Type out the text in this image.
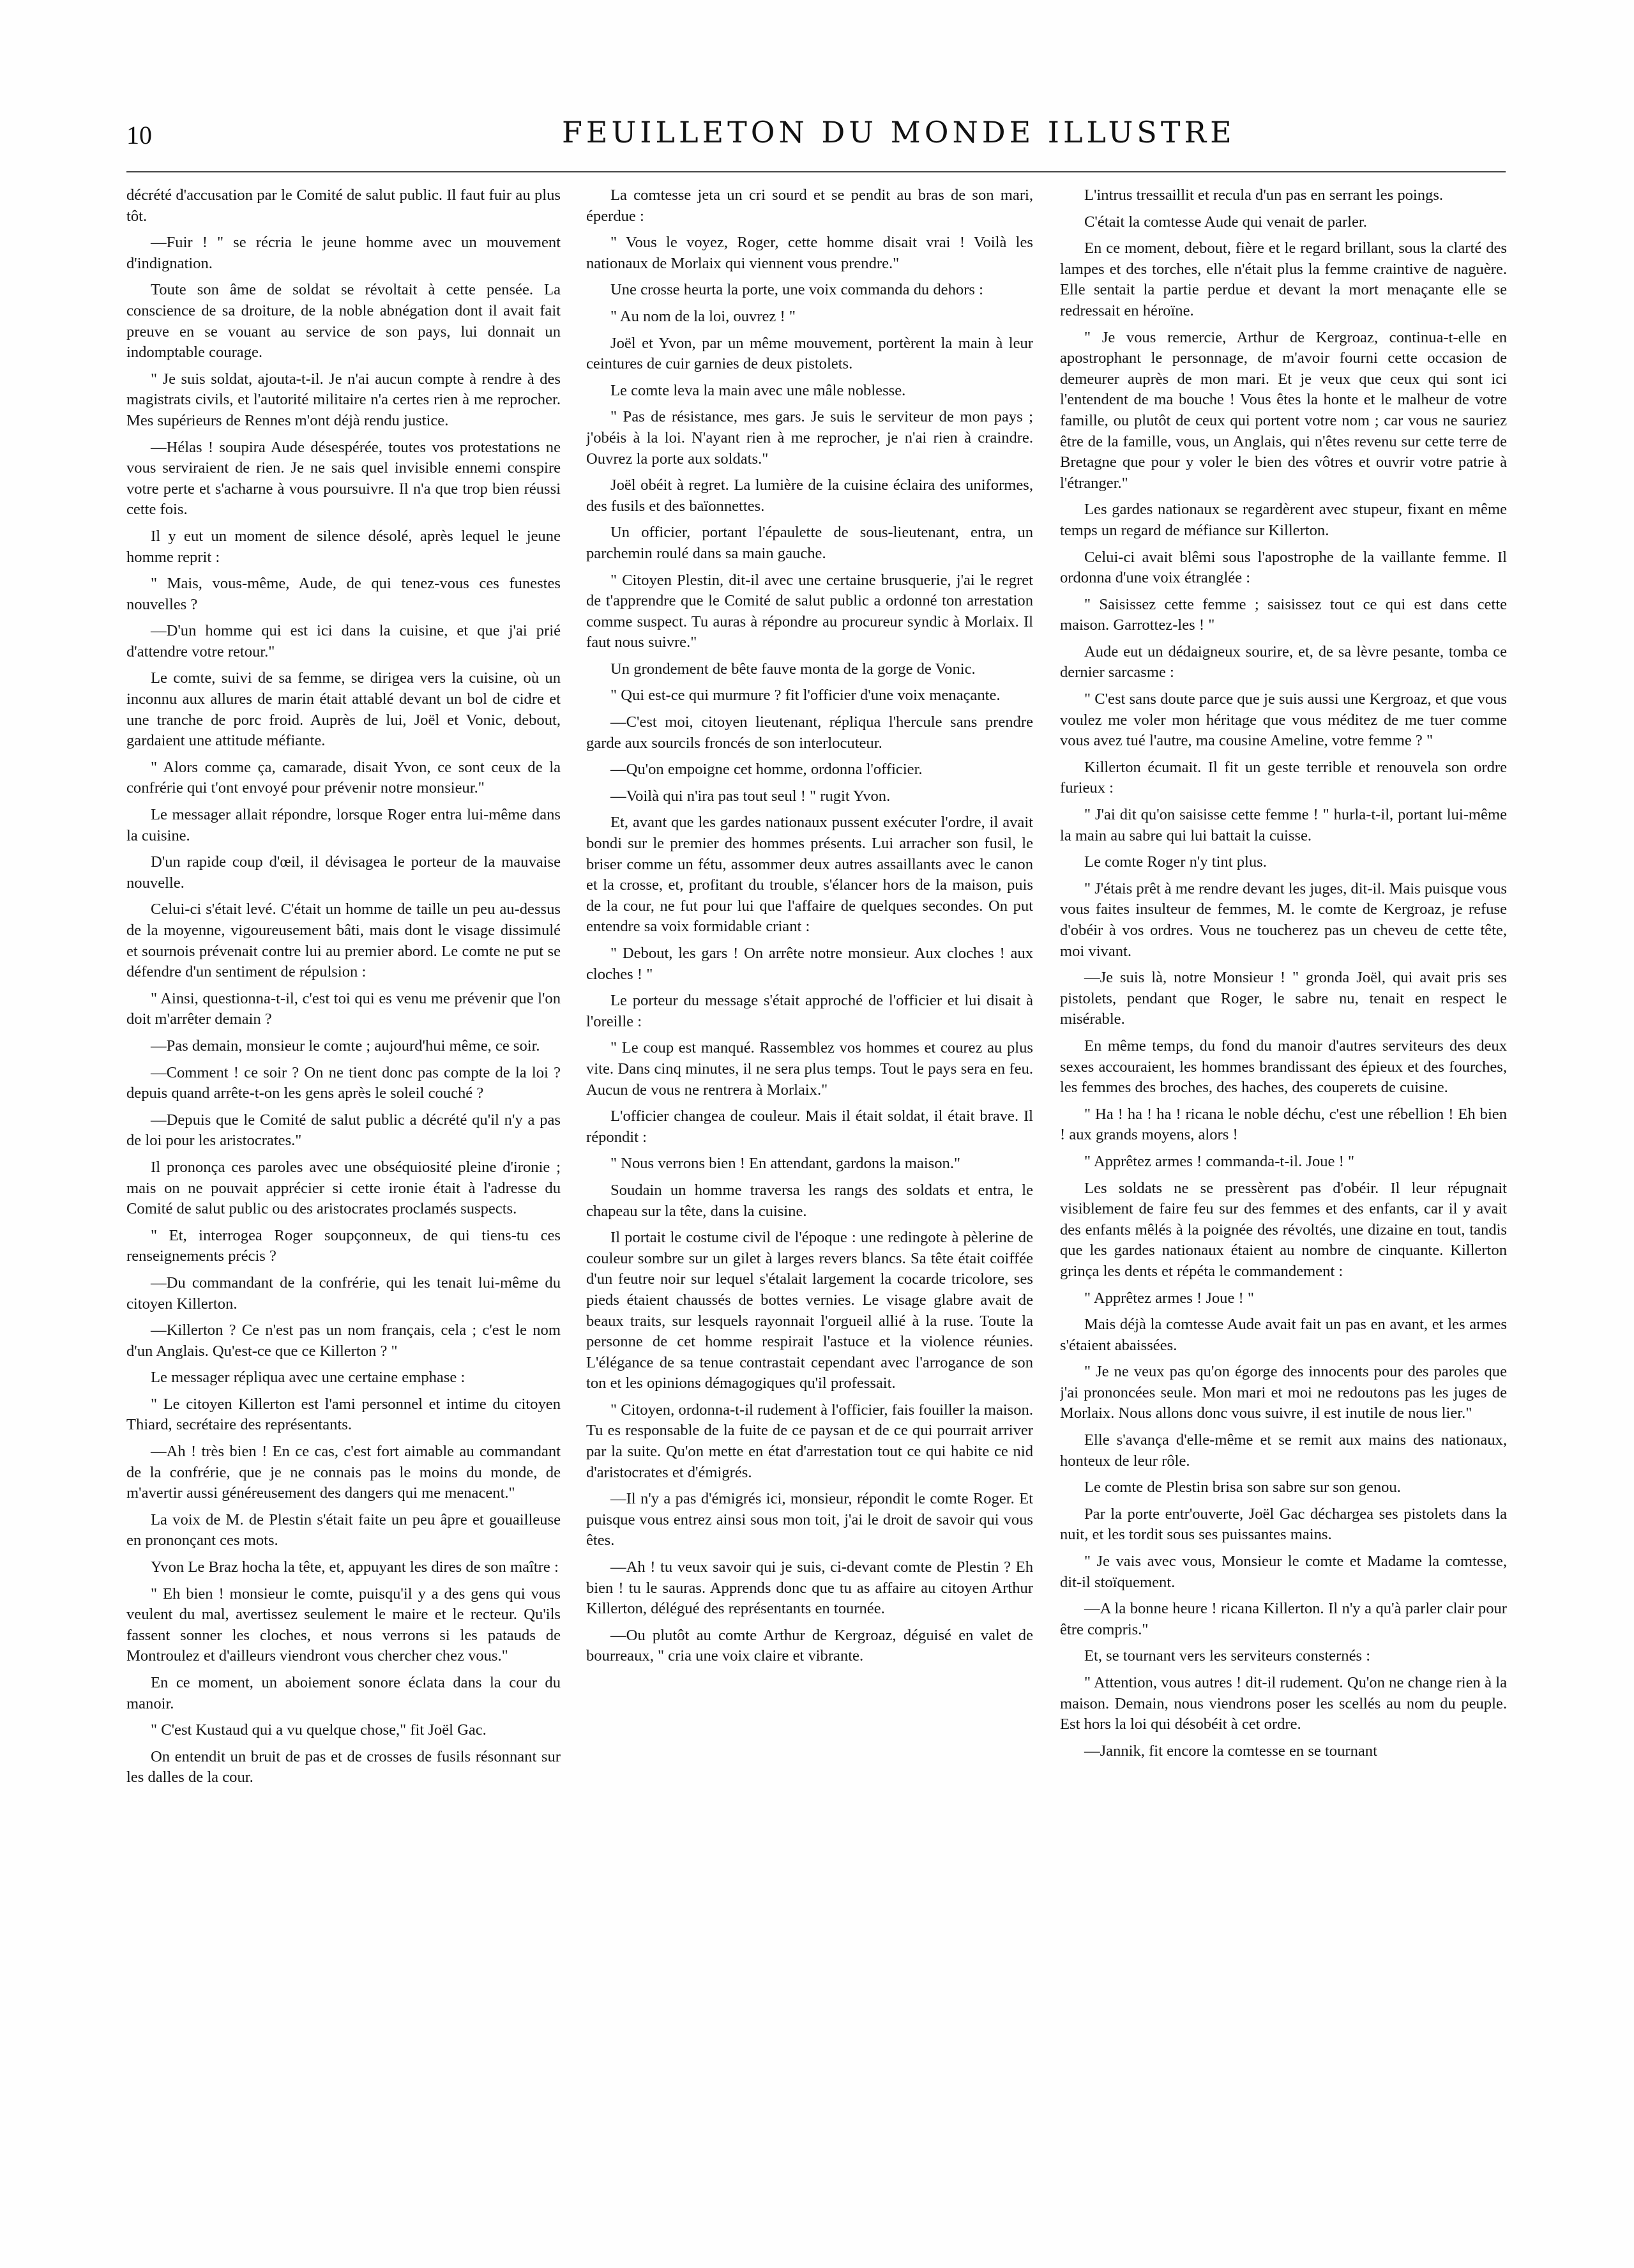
10	FEUILLETON DU MONDE ILLUSTRE

décrété d'accusation par le Comité de salut public. Il faut fuir au plus tôt.

—Fuir ! " se récria le jeune homme avec un mouvement d'indignation.

Toute son âme de soldat se révoltait à cette pensée. La conscience de sa droiture, de la noble abnégation dont il avait fait preuve en se vouant au service de son pays, lui donnait un indomptable courage.

" Je suis soldat, ajouta-t-il. Je n'ai aucun compte à rendre à des magistrats civils, et l'autorité militaire n'a certes rien à me reprocher. Mes supérieurs de Rennes m'ont déjà rendu justice.

—Hélas ! soupira Aude désespérée, toutes vos protestations ne vous serviraient de rien. Je ne sais quel invisible ennemi conspire votre perte et s'acharne à vous poursuivre. Il n'a que trop bien réussi cette fois.

Il y eut un moment de silence désolé, après lequel le jeune homme reprit :

" Mais, vous-même, Aude, de qui tenez-vous ces funestes nouvelles ?

—D'un homme qui est ici dans la cuisine, et que j'ai prié d'attendre votre retour."

Le comte, suivi de sa femme, se dirigea vers la cuisine, où un inconnu aux allures de marin était attablé devant un bol de cidre et une tranche de porc froid. Auprès de lui, Joël et Vonic, debout, gardaient une attitude méfiante.

" Alors comme ça, camarade, disait Yvon, ce sont ceux de la confrérie qui t'ont envoyé pour prévenir notre monsieur."

Le messager allait répondre, lorsque Roger entra lui-même dans la cuisine.

D'un rapide coup d'œil, il dévisagea le porteur de la mauvaise nouvelle.

Celui-ci s'était levé. C'était un homme de taille un peu au-dessus de la moyenne, vigoureusement bâti, mais dont le visage dissimulé et sournois prévenait contre lui au premier abord. Le comte ne put se défendre d'un sentiment de répulsion :

" Ainsi, questionna-t-il, c'est toi qui es venu me prévenir que l'on doit m'arrêter demain ?

—Pas demain, monsieur le comte ; aujourd'hui même, ce soir.

—Comment ! ce soir ? On ne tient donc pas compte de la loi ? depuis quand arrête-t-on les gens après le soleil couché ?

—Depuis que le Comité de salut public a décrété qu'il n'y a pas de loi pour les aristocrates."

Il prononça ces paroles avec une obséquiosité pleine d'ironie ; mais on ne pouvait apprécier si cette ironie était à l'adresse du Comité de salut public ou des aristocrates proclamés suspects.

" Et, interrogea Roger soupçonneux, de qui tiens-tu ces renseignements précis ?

—Du commandant de la confrérie, qui les tenait lui-même du citoyen Killerton.

—Killerton ? Ce n'est pas un nom français, cela ; c'est le nom d'un Anglais. Qu'est-ce que ce Killerton ? "

Le messager répliqua avec une certaine emphase :

" Le citoyen Killerton est l'ami personnel et intime du citoyen Thiard, secrétaire des représentants.

—Ah ! très bien ! En ce cas, c'est fort aimable au commandant de la confrérie, que je ne connais pas le moins du monde, de m'avertir aussi généreusement des dangers qui me menacent."

La voix de M. de Plestin s'était faite un peu âpre et gouailleuse en prononçant ces mots.

Yvon Le Braz hocha la tête, et, appuyant les dires de son maître :

" Eh bien ! monsieur le comte, puisqu'il y a des gens qui vous veulent du mal, avertissez seulement le maire et le recteur. Qu'ils fassent sonner les cloches, et nous verrons si les patauds de Montroulez et d'ailleurs viendront vous chercher chez vous."

En ce moment, un aboiement sonore éclata dans la cour du manoir.

" C'est Kustaud qui a vu quelque chose," fit Joël Gac.

On entendit un bruit de pas et de crosses de fusils résonnant sur les dalles de la cour.

La comtesse jeta un cri sourd et se pendit au bras de son mari, éperdue :

" Vous le voyez, Roger, cette homme disait vrai ! Voilà les nationaux de Morlaix qui viennent vous prendre."

Une crosse heurta la porte, une voix commanda du dehors :

" Au nom de la loi, ouvrez ! "

Joël et Yvon, par un même mouvement, portèrent la main à leur ceintures de cuir garnies de deux pistolets.

Le comte leva la main avec une mâle noblesse.

" Pas de résistance, mes gars. Je suis le serviteur de mon pays ; j'obéis à la loi. N'ayant rien à me reprocher, je n'ai rien à craindre. Ouvrez la porte aux soldats."

Joël obéit à regret. La lumière de la cuisine éclaira des uniformes, des fusils et des baïonnettes.

Un officier, portant l'épaulette de sous-lieutenant, entra, un parchemin roulé dans sa main gauche.

" Citoyen Plestin, dit-il avec une certaine brusquerie, j'ai le regret de t'apprendre que le Comité de salut public a ordonné ton arrestation comme suspect. Tu auras à répondre au procureur syndic à Morlaix. Il faut nous suivre."

Un grondement de bête fauve monta de la gorge de Vonic.

" Qui est-ce qui murmure ? fit l'officier d'une voix menaçante.

—C'est moi, citoyen lieutenant, répliqua l'hercule sans prendre garde aux sourcils froncés de son interlocuteur.

—Qu'on empoigne cet homme, ordonna l'officier.

—Voilà qui n'ira pas tout seul ! " rugit Yvon.

Et, avant que les gardes nationaux pussent exécuter l'ordre, il avait bondi sur le premier des hommes présents. Lui arracher son fusil, le briser comme un fétu, assommer deux autres assaillants avec le canon et la crosse, et, profitant du trouble, s'élancer hors de la maison, puis de la cour, ne fut pour lui que l'affaire de quelques secondes. On put entendre sa voix formidable criant :

" Debout, les gars ! On arrête notre monsieur. Aux cloches ! aux cloches ! "

Le porteur du message s'était approché de l'officier et lui disait à l'oreille :

" Le coup est manqué. Rassemblez vos hommes et courez au plus vite. Dans cinq minutes, il ne sera plus temps. Tout le pays sera en feu. Aucun de vous ne rentrera à Morlaix."

L'officier changea de couleur. Mais il était soldat, il était brave. Il répondit :

" Nous verrons bien ! En attendant, gardons la maison."

Soudain un homme traversa les rangs des soldats et entra, le chapeau sur la tête, dans la cuisine.

Il portait le costume civil de l'époque : une redingote à pèlerine de couleur sombre sur un gilet à larges revers blancs. Sa tête était coiffée d'un feutre noir sur lequel s'étalait largement la cocarde tricolore, ses pieds étaient chaussés de bottes vernies. Le visage glabre avait de beaux traits, sur lesquels rayonnait l'orgueil allié à la ruse. Toute la personne de cet homme respirait l'astuce et la violence réunies. L'élégance de sa tenue contrastait cependant avec l'arrogance de son ton et les opinions démagogiques qu'il professait.

" Citoyen, ordonna-t-il rudement à l'officier, fais fouiller la maison. Tu es responsable de la fuite de ce paysan et de ce qui pourrait arriver par la suite. Qu'on mette en état d'arrestation tout ce qui habite ce nid d'aristocrates et d'émigrés.

—Il n'y a pas d'émigrés ici, monsieur, répondit le comte Roger. Et puisque vous entrez ainsi sous mon toit, j'ai le droit de savoir qui vous êtes.

—Ah ! tu veux savoir qui je suis, ci-devant comte de Plestin ? Eh bien ! tu le sauras. Apprends donc que tu as affaire au citoyen Arthur Killerton, délégué des représentants en tournée.

—Ou plutôt au comte Arthur de Kergroaz, déguisé en valet de bourreaux, " cria une voix claire et vibrante.

L'intrus tressaillit et recula d'un pas en serrant les poings.

C'était la comtesse Aude qui venait de parler.

En ce moment, debout, fière et le regard brillant, sous la clarté des lampes et des torches, elle n'était plus la femme craintive de naguère. Elle sentait la partie perdue et devant la mort menaçante elle se redressait en héroïne.

" Je vous remercie, Arthur de Kergroaz, continua-t-elle en apostrophant le personnage, de m'avoir fourni cette occasion de demeurer auprès de mon mari. Et je veux que ceux qui sont ici l'entendent de ma bouche ! Vous êtes la honte et le malheur de votre famille, ou plutôt de ceux qui portent votre nom ; car vous ne sauriez être de la famille, vous, un Anglais, qui n'êtes revenu sur cette terre de Bretagne que pour y voler le bien des vôtres et ouvrir votre patrie à l'étranger."

Les gardes nationaux se regardèrent avec stupeur, fixant en même temps un regard de méfiance sur Killerton.

Celui-ci avait blêmi sous l'apostrophe de la vaillante femme. Il ordonna d'une voix étranglée :

" Saisissez cette femme ; saisissez tout ce qui est dans cette maison. Garrottez-les ! "

Aude eut un dédaigneux sourire, et, de sa lèvre pesante, tomba ce dernier sarcasme :

" C'est sans doute parce que je suis aussi une Kergroaz, et que vous voulez me voler mon héritage que vous méditez de me tuer comme vous avez tué l'autre, ma cousine Ameline, votre femme ? "

Killerton écumait. Il fit un geste terrible et renouvela son ordre furieux :

" J'ai dit qu'on saisisse cette femme ! " hurla-t-il, portant lui-même la main au sabre qui lui battait la cuisse.

Le comte Roger n'y tint plus.

" J'étais prêt à me rendre devant les juges, dit-il. Mais puisque vous vous faites insulteur de femmes, M. le comte de Kergroaz, je refuse d'obéir à vos ordres. Vous ne toucherez pas un cheveu de cette tête, moi vivant.

—Je suis là, notre Monsieur ! " gronda Joël, qui avait pris ses pistolets, pendant que Roger, le sabre nu, tenait en respect le misérable.

En même temps, du fond du manoir d'autres serviteurs des deux sexes accouraient, les hommes brandissant des épieux et des fourches, les femmes des broches, des haches, des couperets de cuisine.

" Ha ! ha ! ha ! ricana le noble déchu, c'est une rébellion ! Eh bien ! aux grands moyens, alors !

" Apprêtez armes ! commanda-t-il. Joue ! "

Les soldats ne se pressèrent pas d'obéir. Il leur répugnait visiblement de faire feu sur des femmes et des enfants, car il y avait des enfants mêlés à la poignée des révoltés, une dizaine en tout, tandis que les gardes nationaux étaient au nombre de cinquante. Killerton grinça les dents et répéta le commandement :

" Apprêtez armes ! Joue ! "

Mais déjà la comtesse Aude avait fait un pas en avant, et les armes s'étaient abaissées.

" Je ne veux pas qu'on égorge des innocents pour des paroles que j'ai prononcées seule. Mon mari et moi ne redoutons pas les juges de Morlaix. Nous allons donc vous suivre, il est inutile de nous lier."

Elle s'avança d'elle-même et se remit aux mains des nationaux, honteux de leur rôle.

Le comte de Plestin brisa son sabre sur son genou.

Par la porte entr'ouverte, Joël Gac déchargea ses pistolets dans la nuit, et les tordit sous ses puissantes mains.

" Je vais avec vous, Monsieur le comte et Madame la comtesse, dit-il stoïquement.

—A la bonne heure ! ricana Killerton. Il n'y a qu'à parler clair pour être compris."

Et, se tournant vers les serviteurs consternés :

" Attention, vous autres ! dit-il rudement. Qu'on ne change rien à la maison. Demain, nous viendrons poser les scellés au nom du peuple. Est hors la loi qui désobéit à cet ordre.

—Jannik, fit encore la comtesse en se tournant
